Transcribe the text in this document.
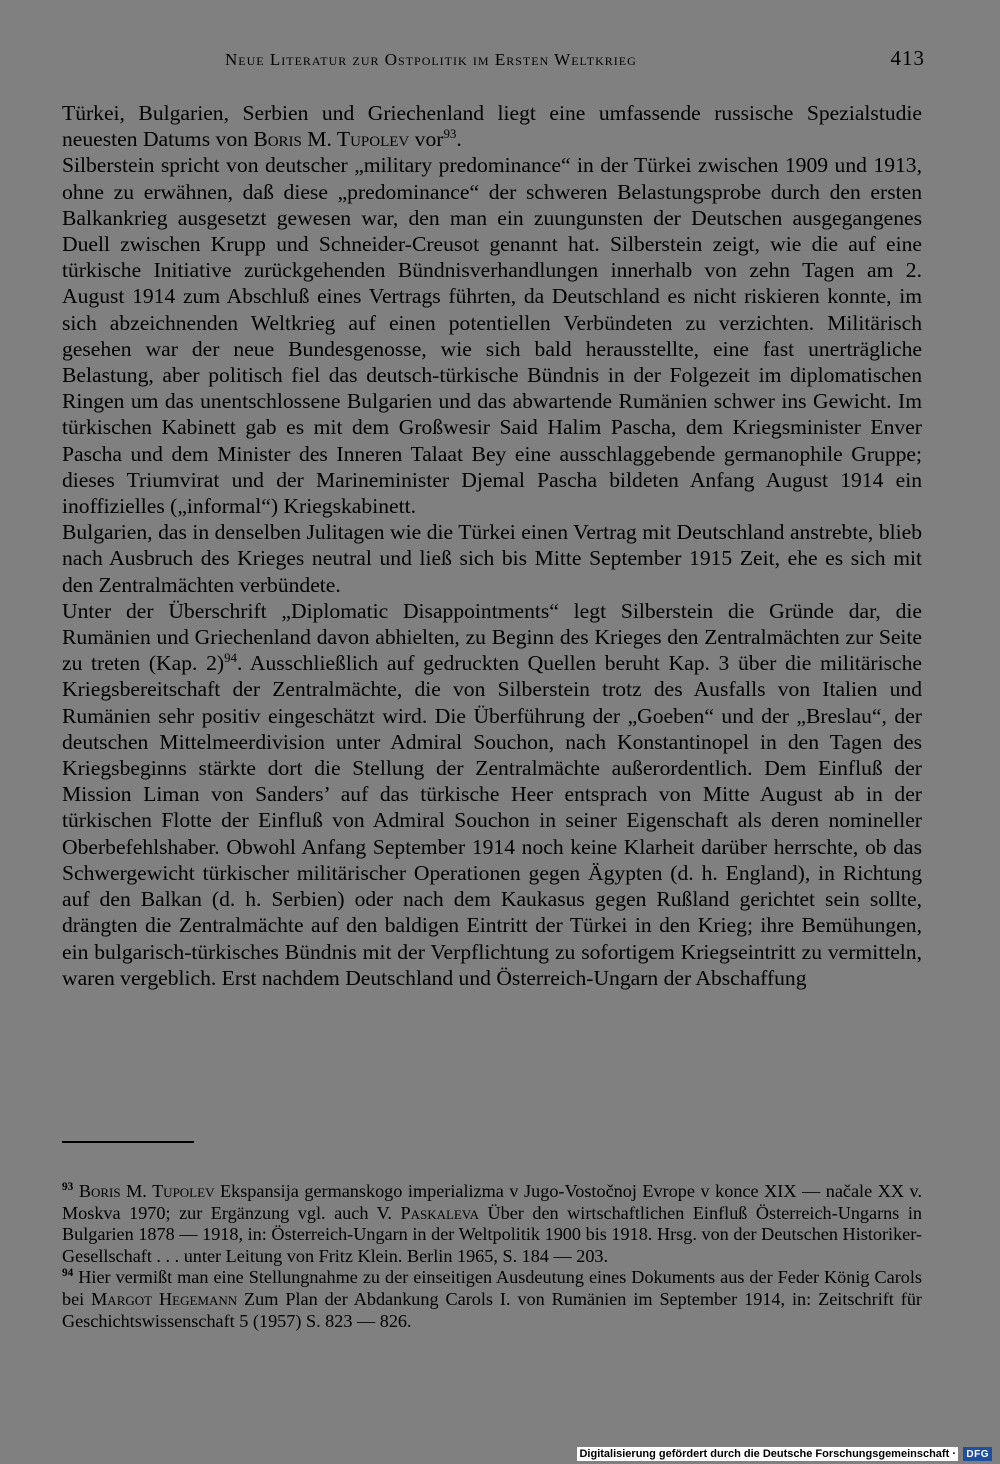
Neue Literatur zur Ostpolitik im Ersten Weltkrieg	413

Türkei, Bulgarien, Serbien und Griechenland liegt eine umfassende russische Spezialstudie neuesten Datums von Boris M. Tupolev vor$^{93}$.

Silberstein spricht von deutscher „military predominance“ in der Türkei zwischen 1909 und 1913, ohne zu erwähnen, daß diese „predominance“ der schweren Belastungsprobe durch den ersten Balkankrieg ausgesetzt gewesen war, den man ein zuungunsten der Deutschen ausgegangenes Duell zwischen Krupp und Schneider-Creusot genannt hat. Silberstein zeigt, wie die auf eine türkische Initiative zurückgehenden Bündnisverhandlungen innerhalb von zehn Tagen am 2. August 1914 zum Abschluß eines Vertrags führten, da Deutschland es nicht riskieren konnte, im sich abzeichnenden Weltkrieg auf einen potentiellen Verbündeten zu verzichten. Militärisch gesehen war der neue Bundesgenosse, wie sich bald herausstellte, eine fast unerträgliche Belastung, aber politisch fiel das deutsch-türkische Bündnis in der Folgezeit im diplomatischen Ringen um das unentschlossene Bulgarien und das abwartende Rumänien schwer ins Gewicht. Im türkischen Kabinett gab es mit dem Großwesir Said Halim Pascha, dem Kriegsminister Enver Pascha und dem Minister des Inneren Talaat Bey eine ausschlaggebende germanophile Gruppe; dieses Triumvirat und der Marineminister Djemal Pascha bildeten Anfang August 1914 ein inoffizielles („informal“) Kriegskabinett.

Bulgarien, das in denselben Julitagen wie die Türkei einen Vertrag mit Deutschland anstrebte, blieb nach Ausbruch des Krieges neutral und ließ sich bis Mitte September 1915 Zeit, ehe es sich mit den Zentralmächten verbündete.

Unter der Überschrift „Diplomatic Disappointments“ legt Silberstein die Gründe dar, die Rumänien und Griechenland davon abhielten, zu Beginn des Krieges den Zentralmächten zur Seite zu treten (Kap. 2)$^{94}$. Ausschließlich auf gedruckten Quellen beruht Kap. 3 über die militärische Kriegsbereitschaft der Zentralmächte, die von Silberstein trotz des Ausfalls von Italien und Rumänien sehr positiv eingeschätzt wird. Die Überführung der „Goeben“ und der „Breslau“, der deutschen Mittelmeerdivision unter Admiral Souchon, nach Konstantinopel in den Tagen des Kriegsbeginns stärkte dort die Stellung der Zentralmächte außerordentlich. Dem Einfluß der Mission Liman von Sanders’ auf das türkische Heer entsprach von Mitte August ab in der türkischen Flotte der Einfluß von Admiral Souchon in seiner Eigenschaft als deren nomineller Oberbefehlshaber. Obwohl Anfang September 1914 noch keine Klarheit darüber herrschte, ob das Schwergewicht türkischer militärischer Operationen gegen Ägypten (d. h. England), in Richtung auf den Balkan (d. h. Serbien) oder nach dem Kaukasus gegen Rußland gerichtet sein sollte, drängten die Zentralmächte auf den baldigen Eintritt der Türkei in den Krieg; ihre Bemühungen, ein bulgarisch-türkisches Bündnis mit der Verpflichtung zu sofortigem Kriegseintritt zu vermitteln, waren vergeblich. Erst nachdem Deutschland und Österreich-Ungarn der Abschaffung

$^{93}$ Boris M. Tupolev Ekspansija germanskogo imperializma v Jugo-Vostočnoj Evrope v konce XIX — načale XX v. Moskva 1970; zur Ergänzung vgl. auch V. Paskaleva Über den wirtschaftlichen Einfluß Österreich-Ungarns in Bulgarien 1878 — 1918, in: Österreich-Ungarn in der Weltpolitik 1900 bis 1918. Hrsg. von der Deutschen Historiker-Gesellschaft . . . unter Leitung von Fritz Klein. Berlin 1965, S. 184 — 203.

$^{94}$ Hier vermißt man eine Stellungnahme zu der einseitigen Ausdeutung eines Dokuments aus der Feder König Carols bei Margot Hegemann Zum Plan der Abdankung Carols I. von Rumänien im September 1914, in: Zeitschrift für Geschichtswissenschaft 5 (1957) S. 823 — 826.

Digitalisierung gefördert durch die Deutsche Forschungsgemeinschaft ·	DFG
